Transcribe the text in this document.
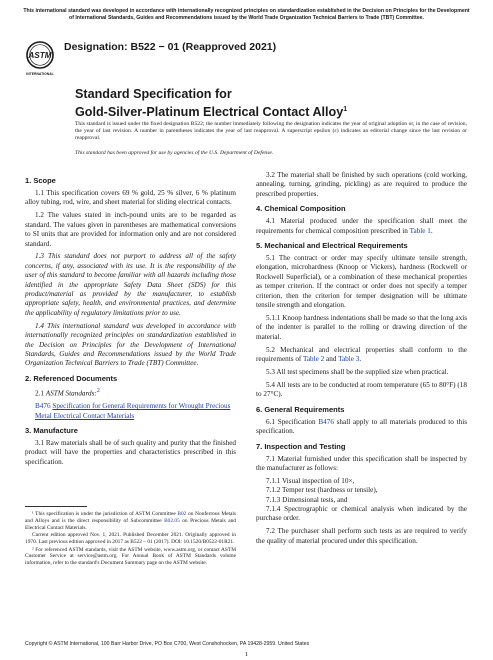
This international standard was developed in accordance with internationally recognized principles on standardization established in the Decision on Principles for the Development of International Standards, Guides and Recommendations issued by the World Trade Organization Technical Barriers to Trade (TBT) Committee.
ASTM
INTERNATIONAL
Designation: B522 − 01 (Reapproved 2021)
Standard Specification for
Gold-Silver-Platinum Electrical Contact Alloy$^1$
This standard is issued under the fixed designation B522; the number immediately following the designation indicates the year of original adoption or, in the case of revision, the year of last revision. A number in parentheses indicates the year of last reapproval. A superscript epsilon (ε) indicates an editorial change since the last revision or reapproval.
This standard has been approved for use by agencies of the U.S. Department of Defense.
1. Scope

1.1 This specification covers 69 % gold, 25 % silver, 6 % platinum alloy tubing, rod, wire, and sheet material for sliding electrical contacts.

1.2 The values stated in inch-pound units are to be regarded as standard. The values given in parentheses are mathematical conversions to SI units that are provided for information only and are not considered standard.

1.3 This standard does not purport to address all of the safety concerns, if any, associated with its use. It is the responsibility of the user of this standard to become familiar with all hazards including those identified in the appropriate Safety Data Sheet (SDS) for this product/material as provided by the manufacturer, to establish appropriate safety, health, and environmental practices, and determine the applicability of regulatory limitations prior to use.

1.4 This international standard was developed in accordance with internationally recognized principles on standardization established in the Decision on Principles for the Development of International Standards, Guides and Recommendations issued by the World Trade Organization Technical Barriers to Trade (TBT) Committee.

2. Referenced Documents

2.1 ASTM Standards:$^2$

B476 Specification for General Requirements for Wrought Precious Metal Electrical Contact Materials
3. Manufacture

3.1 Raw materials shall be of such quality and purity that the finished product will have the properties and characteristics prescribed in this specification.

¹ This specification is under the jurisdiction of ASTM Committee B02 on Nonferrous Metals and Alloys and is the direct responsibility of Subcommittee B02.05 on Precious Metals and Electrical Contact Materials.

Current edition approved Nov. 1, 2021. Published December 2021. Originally approved in 1970. Last previous edition approved in 2017 as B522 – 01 (2017). DOI: 10.1520/B0522-01R21.

² For referenced ASTM standards, visit the ASTM website, www.astm.org, or contact ASTM Customer Service at service@astm.org. For Annual Book of ASTM Standards volume information, refer to the standard's Document Summary page on the ASTM website.

3.2 The material shall be finished by such operations (cold working, annealing, turning, grinding, pickling) as are required to produce the prescribed properties.

4. Chemical Composition

4.1 Material produced under the specification shall meet the requirements for chemical composition prescribed in Table 1.

5. Mechanical and Electrical Requirements

5.1 The contract or order may specify ultimate tensile strength, elongation, microhardness (Knoop or Vickers), hardness (Rockwell or Rockwell Superficial), or a combination of these mechanical properties as temper criterion. If the contract or order does not specify a temper criterion, then the criterion for temper designation will be ultimate tensile strength and elongation.

5.1.1 Knoop hardness indentations shall be made so that the long axis of the indenter is parallel to the rolling or drawing direction of the material.

5.2 Mechanical and electrical properties shall conform to the requirements of Table 2 and Table 3.

5.3 All test specimens shall be the supplied size when practical.

5.4 All tests are to be conducted at room temperature (65 to 80°F) (18 to 27°C).

6. General Requirements

6.1 Specification B476 shall apply to all materials produced to this specification.

7. Inspection and Testing

7.1 Material furnished under this specification shall be inspected by the manufacturer as follows:

7.1.1 Visual inspection of 10×,
7.1.2 Temper test (hardness or tensile),
7.1.3 Dimensional tests, and

7.1.4 Spectrographic or chemical analysis when indicated by the purchase order.

7.2 The purchaser shall perform such tests as are required to verify the quality of material procured under this specification.

Copyright © ASTM International, 100 Barr Harbor Drive, PO Box C700, West Conshohocken, PA 19428-2959. United States
1
